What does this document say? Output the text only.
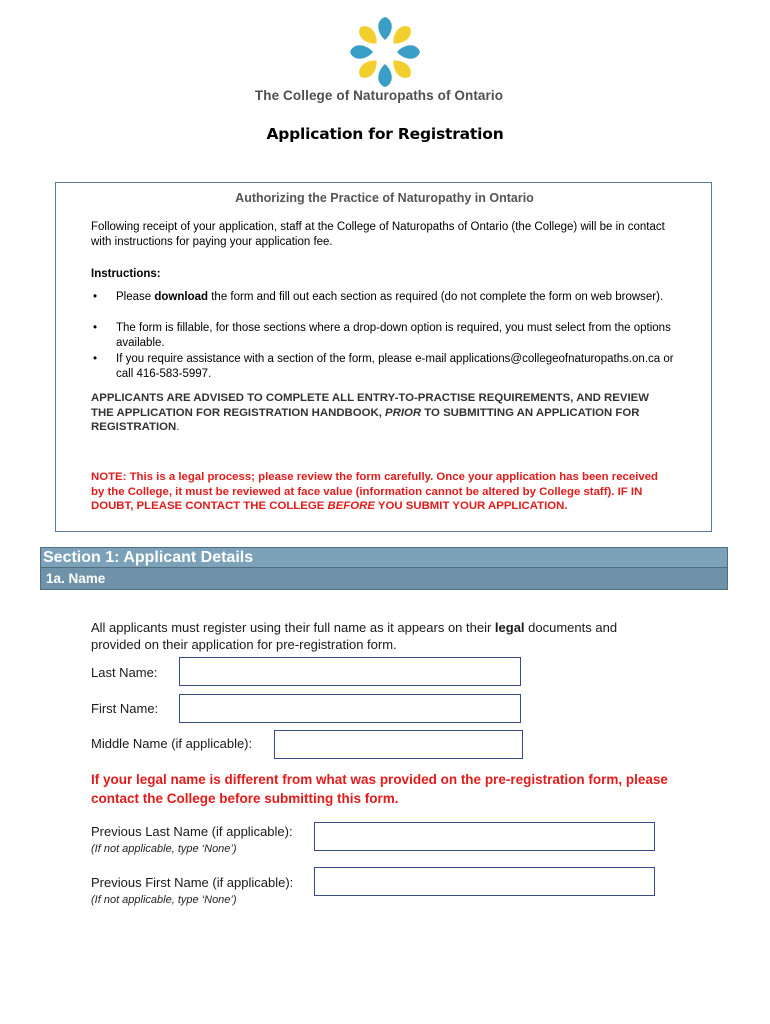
The College of Naturopaths of Ontario
Application for Registration
Authorizing the Practice of Naturopathy in Ontario
Following receipt of your application, staff at the College of Naturopaths of Ontario (the College) will be in contact with instructions for paying your application fee.
Instructions:
• Please download the form and fill out each section as required (do not complete the form on web browser).
• The form is fillable, for those sections where a drop-down option is required, you must select from the options available.
• If you require assistance with a section of the form, please e-mail applications@collegeofnaturopaths.on.ca or call 416-583-5997.
APPLICANTS ARE ADVISED TO COMPLETE ALL ENTRY-TO-PRACTISE REQUIREMENTS, AND REVIEW THE APPLICATION FOR REGISTRATION HANDBOOK, PRIOR TO SUBMITTING AN APPLICATION FOR REGISTRATION.
NOTE: This is a legal process; please review the form carefully. Once your application has been received by the College, it must be reviewed at face value (information cannot be altered by College staff). IF IN DOUBT, PLEASE CONTACT THE COLLEGE BEFORE YOU SUBMIT YOUR APPLICATION.
Section 1: Applicant Details
1a. Name
All applicants must register using their full name as it appears on their legal documents and provided on their application for pre-registration form.
Last Name:
First Name:
Middle Name (if applicable):
If your legal name is different from what was provided on the pre-registration form, please contact the College before submitting this form.
Previous Last Name (if applicable):
(If not applicable, type ‘None’)
Previous First Name (if applicable):
(If not applicable, type ‘None’)
